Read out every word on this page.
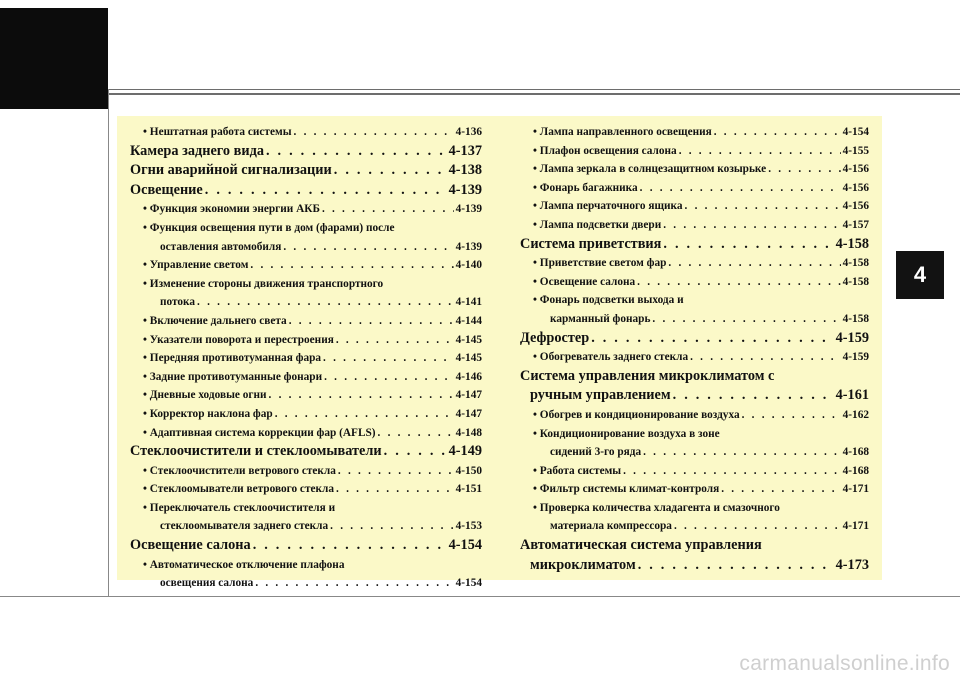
• Нештатная работа системы . . .	4-136
Камера заднего вида . . .	4-137
Огни аварийной сигнализации . . .	4-138
Освещение . . .	4-139
• Функция экономии энергии АКБ . . .	4-139
• Функция освещения пути в дом (фарами) после
оставления автомобиля . . .	4-139
• Управление светом . . .	4-140
• Изменение стороны движения транспортного
потока . . .	4-141
• Включение дальнего света . . .	4-144
• Указатели поворота и перестроения . . .	4-145
• Передняя противотуманная фара . . .	4-145
• Задние противотуманные фонари . . .	4-146
• Дневные ходовые огни . . .	4-147
• Корректор наклона фар . . .	4-147
• Адаптивная система коррекции фар (AFLS) . . .	4-148
Стеклоочистители и стеклоомыватели . . .	4-149
• Стеклоочистители ветрового стекла . . .	4-150
• Стеклоомыватели ветрового стекла . . .	4-151
• Переключатель стеклоочистителя и
стеклоомывателя заднего стекла . . .	4-153
Освещение салона . . .	4-154
• Автоматическое отключение плафона
освещения салона . . .	4-154
• Лампа направленного освещения . . .	4-154
• Плафон освещения салона . . .	4-155
• Лампа зеркала в солнцезащитном козырьке . . .	4-156
• Фонарь багажника . . .	4-156
• Лампа перчаточного ящика . . .	4-156
• Лампа подсветки двери . . .	4-157
Система приветствия . . .	4-158
• Приветствие светом фар . . .	4-158
• Освещение салона . . .	4-158
• Фонарь подсветки выхода и
карманный фонарь . . .	4-158
Дефростер . . .	4-159
• Обогреватель заднего стекла . . .	4-159
Система управления микроклиматом с
ручным управлением . . .	4-161
• Обогрев и кондиционирование воздуха . . .	4-162
• Кондиционирование воздуха в зоне
сидений 3-го ряда . . .	4-168
• Работа системы . . .	4-168
• Фильтр системы климат-контроля . . .	4-171
• Проверка количества хладагента и смазочного
материала компрессора . . .	4-171
Автоматическая система управления
микроклиматом . . .	4-173
4
carmanualsonline.info
